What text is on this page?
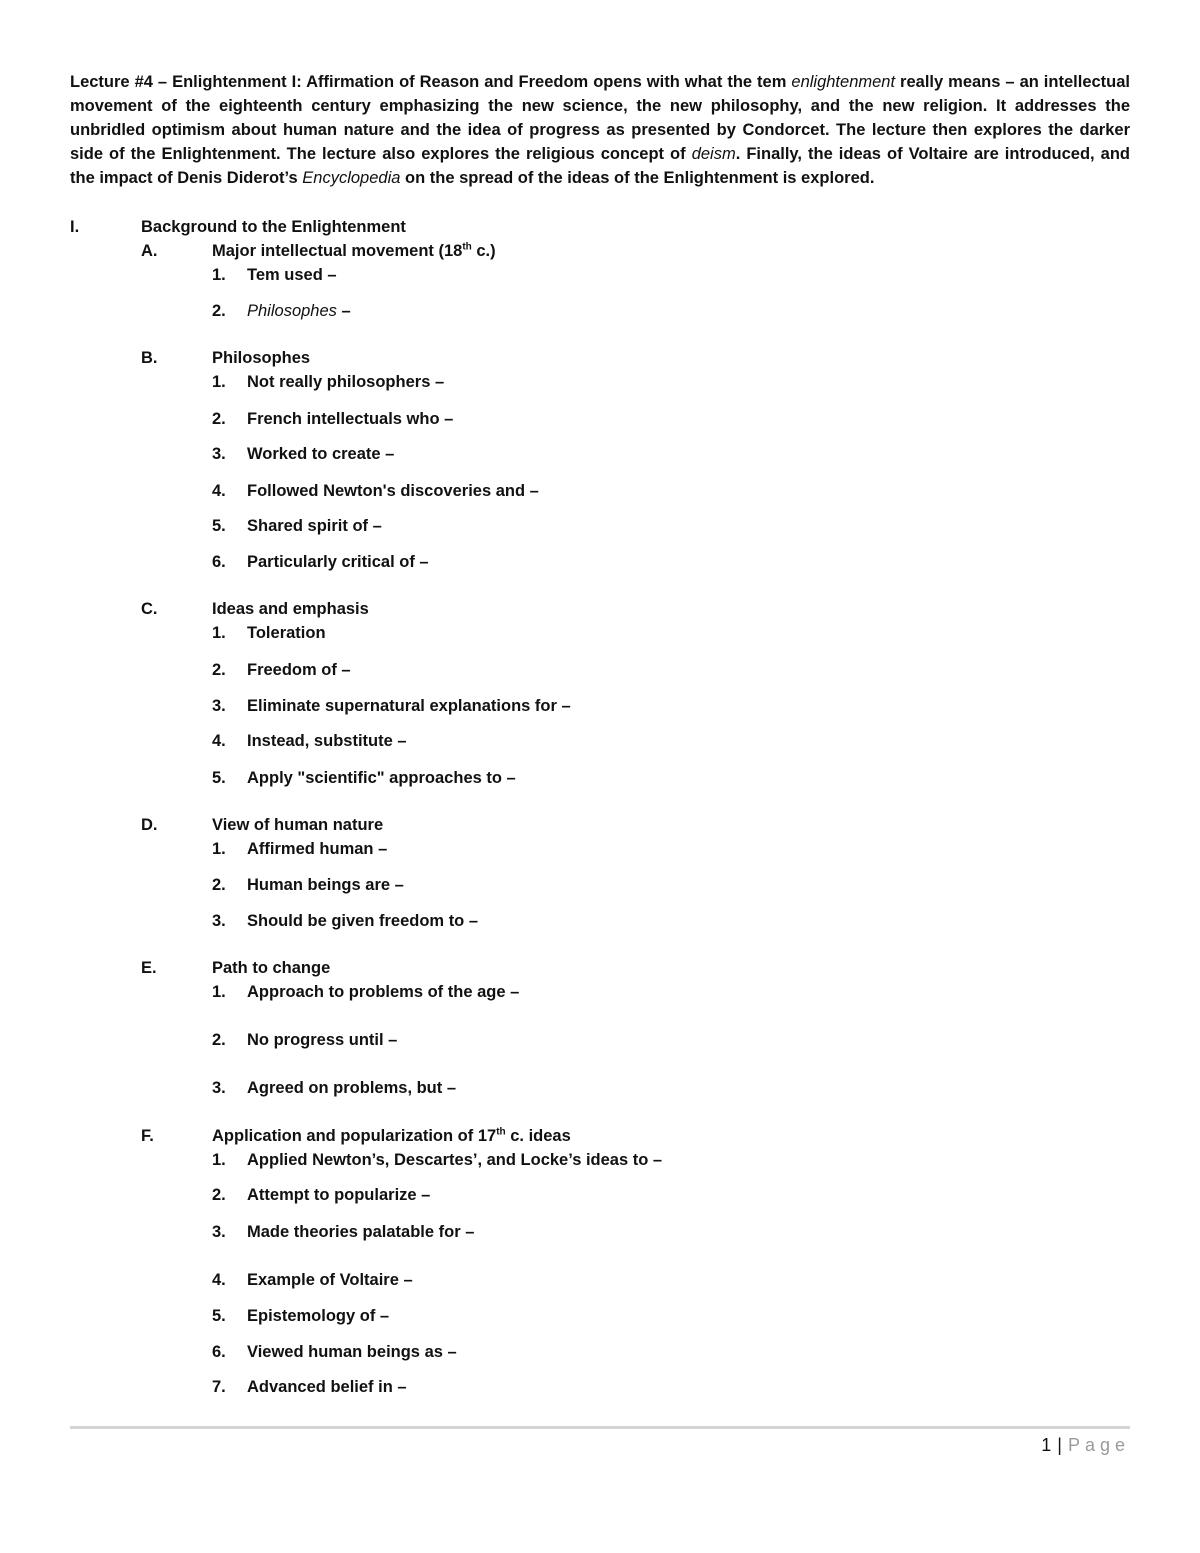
Lecture #4 – Enlightenment I: Affirmation of Reason and Freedom opens with what the tem enlightenment really means – an intellectual movement of the eighteenth century emphasizing the new science, the new philosophy, and the new religion. It addresses the unbridled optimism about human nature and the idea of progress as presented by Condorcet. The lecture then explores the darker side of the Enlightenment. The lecture also explores the religious concept of deism. Finally, the ideas of Voltaire are introduced, and the impact of Denis Diderot’s Encyclopedia on the spread of the ideas of the Enlightenment is explored.

I.	Background to the Enlightenment
A.	Major intellectual movement (18th c.)
1. Tem used –
2. Philosophes –
B.	Philosophes
1. Not really philosophers –
2. French intellectuals who –
3. Worked to create –
4. Followed Newton's discoveries and –
5. Shared spirit of –
6. Particularly critical of –
C.	Ideas and emphasis
1. Toleration
2. Freedom of –
3. Eliminate supernatural explanations for –
4. Instead, substitute –
5. Apply "scientific" approaches to –
D.	View of human nature
1. Affirmed human –
2. Human beings are –
3. Should be given freedom to –
E.	Path to change
1. Approach to problems of the age –
2. No progress until –
3. Agreed on problems, but –
F.	Application and popularization of 17th c. ideas
1. Applied Newton’s, Descartes’, and Locke’s ideas to –
2. Attempt to popularize –
3. Made theories palatable for –
4. Example of Voltaire –
5. Epistemology of –
6. Viewed human beings as –
7. Advanced belief in –
1 | Page
